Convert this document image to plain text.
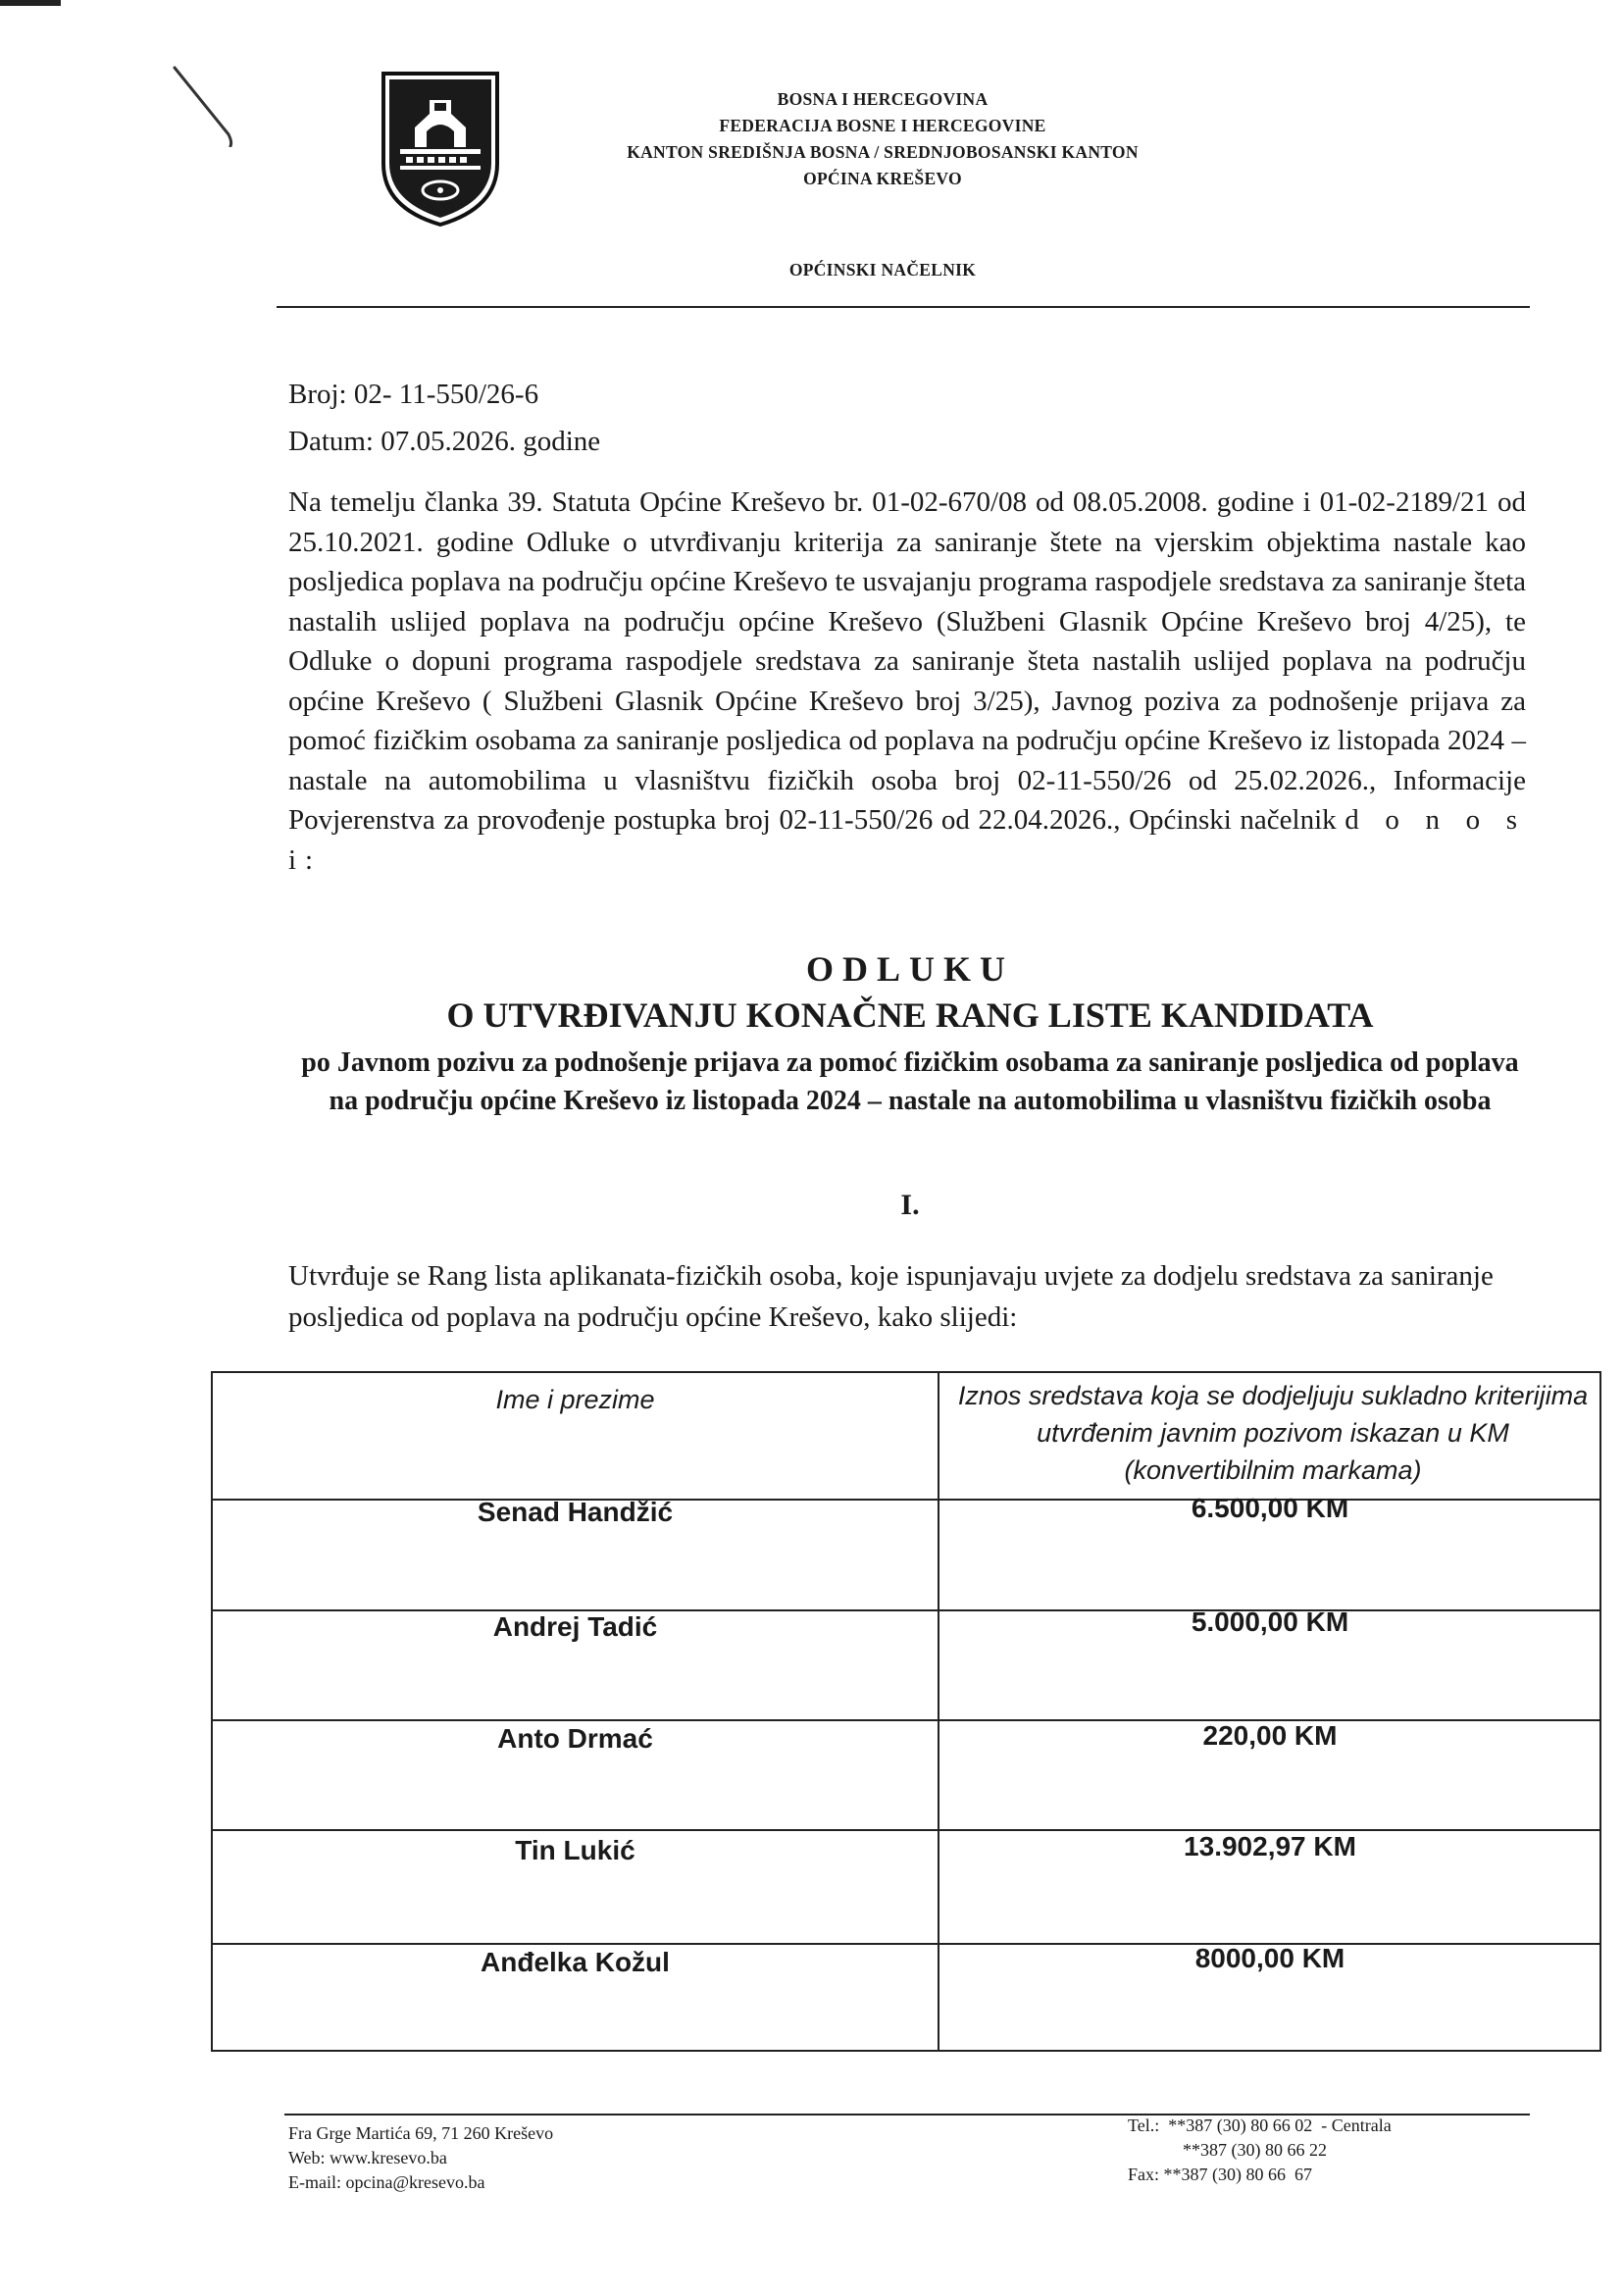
BOSNA I HERCEGOVINA
FEDERACIJA BOSNE I HERCEGOVINE
KANTON SREDIŠNJA BOSNA / SREDNJOBOSANSKI KANTON
OPĆINA KREŠEVO
OPĆINSKI NAČELNIK
Broj: 02- 11-550/26-6
Datum: 07.05.2026. godine
Na temelju članka 39. Statuta Općine Kreševo br. 01-02-670/08 od 08.05.2008. godine i 01-02-2189/21 od 25.10.2021. godine Odluke o utvrđivanju kriterija za saniranje štete na vjerskim objektima nastale kao posljedica poplava na području općine Kreševo te usvajanju programa raspodjele sredstava za saniranje šteta nastalih uslijed poplava na području općine Kreševo (Službeni Glasnik Općine Kreševo broj 4/25), te Odluke o dopuni programa raspodjele sredstava za saniranje šteta nastalih uslijed poplava na području općine Kreševo ( Službeni Glasnik Općine Kreševo broj 3/25), Javnog poziva za podnošenje prijava za pomoć fizičkim osobama za saniranje posljedica od poplava na području općine Kreševo iz listopada 2024 – nastale na automobilima u vlasništvu fizičkih osoba broj 02-11-550/26 od 25.02.2026., Informacije Povjerenstva za provođenje postupka broj 02-11-550/26 od 22.04.2026., Općinski načelnik d o n o s i:
ODLUKU
O UTVRĐIVANJU KONAČNE RANG LISTE KANDIDATA
po Javnom pozivu za podnošenje prijava za pomoć fizičkim osobama za saniranje posljedica od poplava na području općine Kreševo iz listopada 2024 – nastale na automobilima u vlasništvu fizičkih osoba
I.
Utvrđuje se Rang lista aplikanata-fizičkih osoba, koje ispunjavaju uvjete za dodjelu sredstava za saniranje posljedica od poplava na području općine Kreševo, kako slijedi:
Ime i prezime	Iznos sredstava koja se dodjeljuju sukladno kriterijima utvrđenim javnim pozivom iskazan u KM (konvertibilnim markama)
Senad Handžić	6.500,00 KM
Andrej Tadić	5.000,00 KM
Anto Drmać	220,00 KM
Tin Lukić	13.902,97 KM
Anđelka Kožul	8000,00 KM
Fra Grge Martića 69, 71 260 Kreševo
Web: www.kresevo.ba
E-mail: opcina@kresevo.ba
Tel.: **387 (30) 80 66 02  - Centrala
**387 (30) 80 66 22
Fax: **387 (30) 80 66  67
